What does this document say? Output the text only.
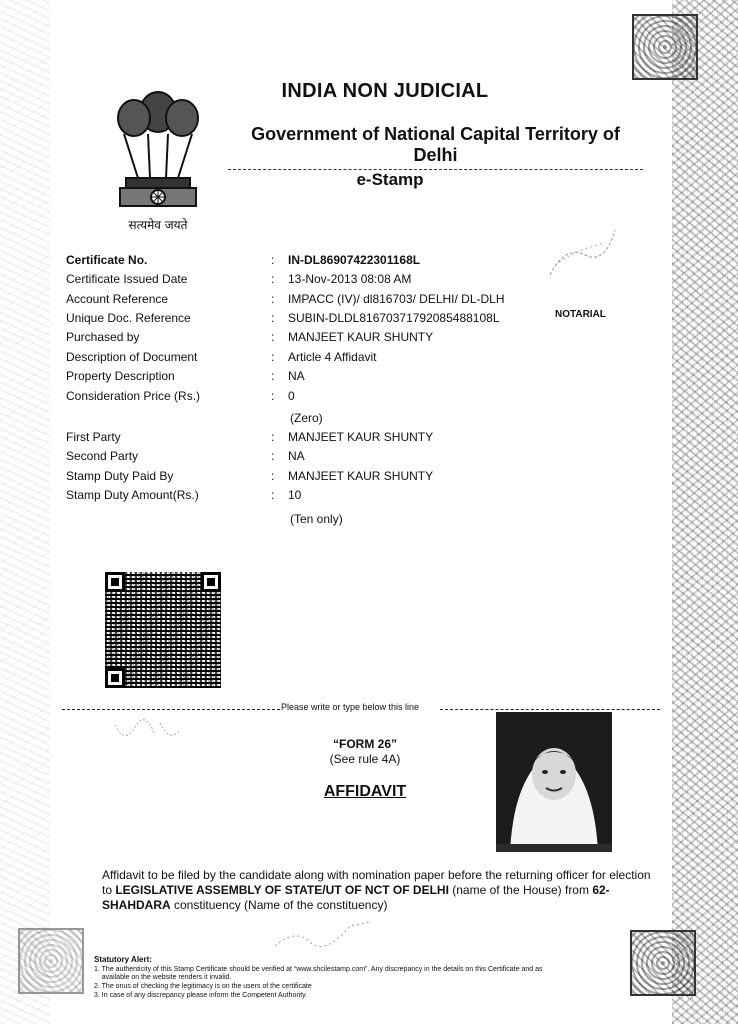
सत्यमेव जयते
INDIA NON JUDICIAL
Government of National Capital Territory of Delhi
e-Stamp
Certificate No.	: IN-DL86907422301168L
Certificate Issued Date	: 13-Nov-2013 08:08 AM
Account Reference	: IMPACC (IV)/ dl816703/ DELHI/ DL-DLH
Unique Doc. Reference	: SUBIN-DLDL81670371792085488108L
Purchased by	: MANJEET KAUR SHUNTY
Description of Document	: Article 4 Affidavit
Property Description	: NA
Consideration Price (Rs.)	: 0
(Zero)
First Party	: MANJEET KAUR SHUNTY
Second Party	: NA
Stamp Duty Paid By	: MANJEET KAUR SHUNTY
Stamp Duty Amount(Rs.)	: 10
(Ten only)
NOTARIAL
Please write or type below this line
“FORM 26”
(See rule 4A)
AFFIDAVIT
Affidavit to be filed by the candidate along with nomination paper before the returning officer for election to LEGISLATIVE ASSEMBLY OF STATE/UT OF NCT OF DELHI (name of the House) from 62-SHAHDARA constituency (Name of the constituency)
Statutory Alert:
1. The authenticity of this Stamp Certificate should be verified at “www.shcilestamp.com”. Any discrepancy in the details on this Certificate and as
available on the website renders it invalid.
2. The onus of checking the legitimacy is on the users of the certificate
3. In case of any discrepancy please inform the Competent Authority.
